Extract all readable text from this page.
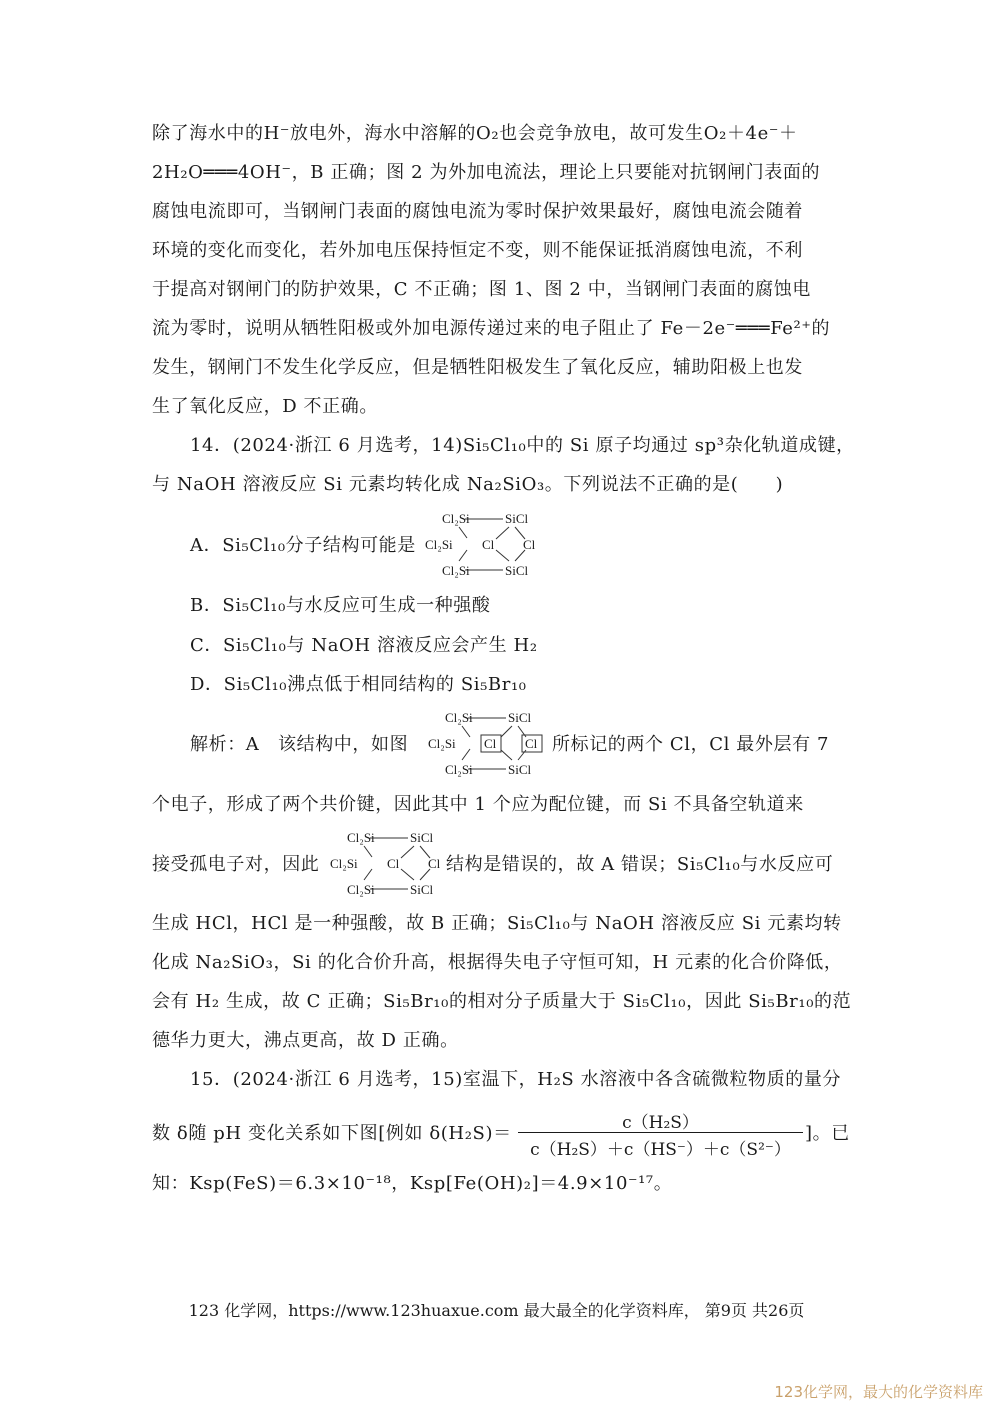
除了海水中的H⁻放电外，海水中溶解的O₂也会竞争放电，故可发生O₂＋4e⁻＋
2H₂O═══4OH⁻，B 正确；图 2 为外加电流法，理论上只要能对抗钢闸门表面的
腐蚀电流即可，当钢闸门表面的腐蚀电流为零时保护效果最好，腐蚀电流会随着
环境的变化而变化，若外加电压保持恒定不变，则不能保证抵消腐蚀电流，不利
于提高对钢闸门的防护效果，C 不正确；图 1、图 2 中，当钢闸门表面的腐蚀电
流为零时，说明从牺牲阳极或外加电源传递过来的电子阻止了 Fe－2e⁻═══Fe²⁺的
发生，钢闸门不发生化学反应，但是牺牲阳极发生了氧化反应，辅助阳极上也发
生了氧化反应，D 不正确。
14．(2024·浙江 6 月选考，14)Si₅Cl₁₀中的 Si 原子均通过 sp³杂化轨道成键，
与 NaOH 溶液反应 Si 元素均转化成 Na₂SiO₃。下列说法不正确的是(　　)
A．Si₅Cl₁₀分子结构可能是
Cl₂Si	SiCl
Cl₂Si Cl Cl
Cl₂Si	SiCl
B．Si₅Cl₁₀与水反应可生成一种强酸
C．Si₅Cl₁₀与 NaOH 溶液反应会产生 H₂
D．Si₅Cl₁₀沸点低于相同结构的 Si₅Br₁₀
解析：A　该结构中，如图
Cl₂Si	SiCl
Cl₂Si Cl Cl
Cl₂Si	SiCl
所标记的两个 Cl，Cl 最外层有 7
个电子，形成了两个共价键，因此其中 1 个应为配位键，而 Si 不具备空轨道来
接受孤电子对，因此
Cl₂Si	SiCl
Cl₂Si Cl Cl
Cl₂Si	SiCl
结构是错误的，故 A 错误；Si₅Cl₁₀与水反应可
生成 HCl，HCl 是一种强酸，故 B 正确；Si₅Cl₁₀与 NaOH 溶液反应 Si 元素均转
化成 Na₂SiO₃，Si 的化合价升高，根据得失电子守恒可知，H 元素的化合价降低，
会有 H₂ 生成，故 C 正确；Si₅Br₁₀的相对分子质量大于 Si₅Cl₁₀，因此 Si₅Br₁₀的范
德华力更大，沸点更高，故 D 正确。
15．(2024·浙江 6 月选考，15)室温下，H₂S 水溶液中各含硫微粒物质的量分
数 δ随 pH 变化关系如下图[例如 δ(H₂S)＝	c（H₂S）
c（H₂S）＋c（HS⁻）＋c（S²⁻）
]。已
知：Ksp(FeS)＝6.3×10⁻¹⁸，Ksp[Fe(OH)₂]＝4.9×10⁻¹⁷。
123 化学网，https://www.123huaxue.com 最大最全的化学资料库， 第9页 共26页
123化学网，最大的化学资料库
